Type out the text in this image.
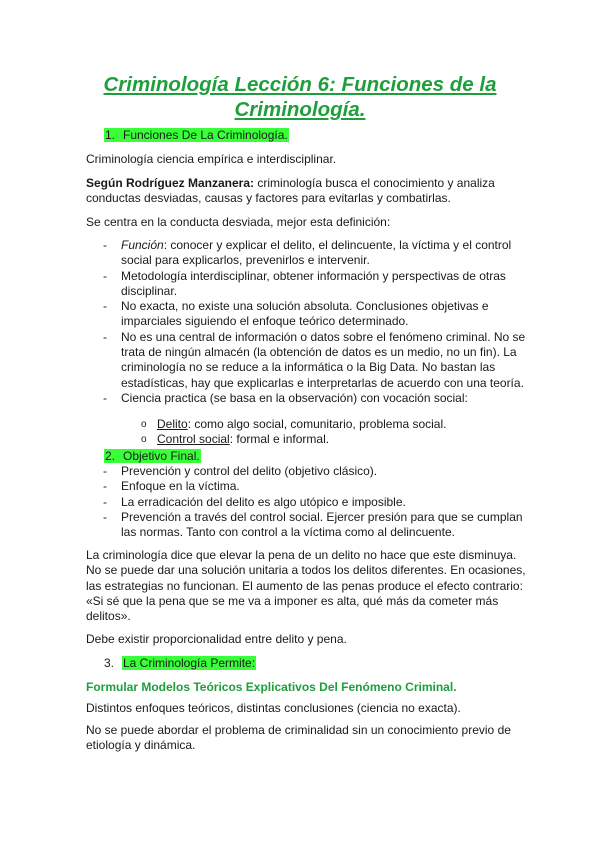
Criminología Lección 6: Funciones de la Criminología.
1. Funciones De La Criminología.
Criminología ciencia empírica e interdisciplinar.
Según Rodríguez Manzanera: criminología busca el conocimiento y analiza conductas desviadas, causas y factores para evitarlas y combatirlas.
Se centra en la conducta desviada, mejor esta definición:
- Función: conocer y explicar el delito, el delincuente, la víctima y el control social para explicarlos, prevenirlos e intervenir.
- Metodología interdisciplinar, obtener información y perspectivas de otras disciplinar.
- No exacta, no existe una solución absoluta. Conclusiones objetivas e imparciales siguiendo el enfoque teórico determinado.
- No es una central de información o datos sobre el fenómeno criminal. No se trata de ningún almacén (la obtención de datos es un medio, no un fin). La criminología no se reduce a la informática o la Big Data. No bastan las estadísticas, hay que explicarlas e interpretarlas de acuerdo con una teoría.
- Ciencia practica (se basa en la observación) con vocación social:
o Delito: como algo social, comunitario, problema social.
o Control social: formal e informal.
2. Objetivo Final.
- Prevención y control del delito (objetivo clásico).
- Enfoque en la víctima.
- La erradicación del delito es algo utópico e imposible.
- Prevención a través del control social. Ejercer presión para que se cumplan las normas. Tanto con control a la víctima como al delincuente.
La criminología dice que elevar la pena de un delito no hace que este disminuya. No se puede dar una solución unitaria a todos los delitos diferentes. En ocasiones, las estrategias no funcionan. El aumento de las penas produce el efecto contrario: «Si sé que la pena que se me va a imponer es alta, qué más da cometer más delitos».
Debe existir proporcionalidad entre delito y pena.
3. La Criminología Permite:
Formular Modelos Teóricos Explicativos Del Fenómeno Criminal.
Distintos enfoques teóricos, distintas conclusiones (ciencia no exacta).
No se puede abordar el problema de criminalidad sin un conocimiento previo de etiología y dinámica.
